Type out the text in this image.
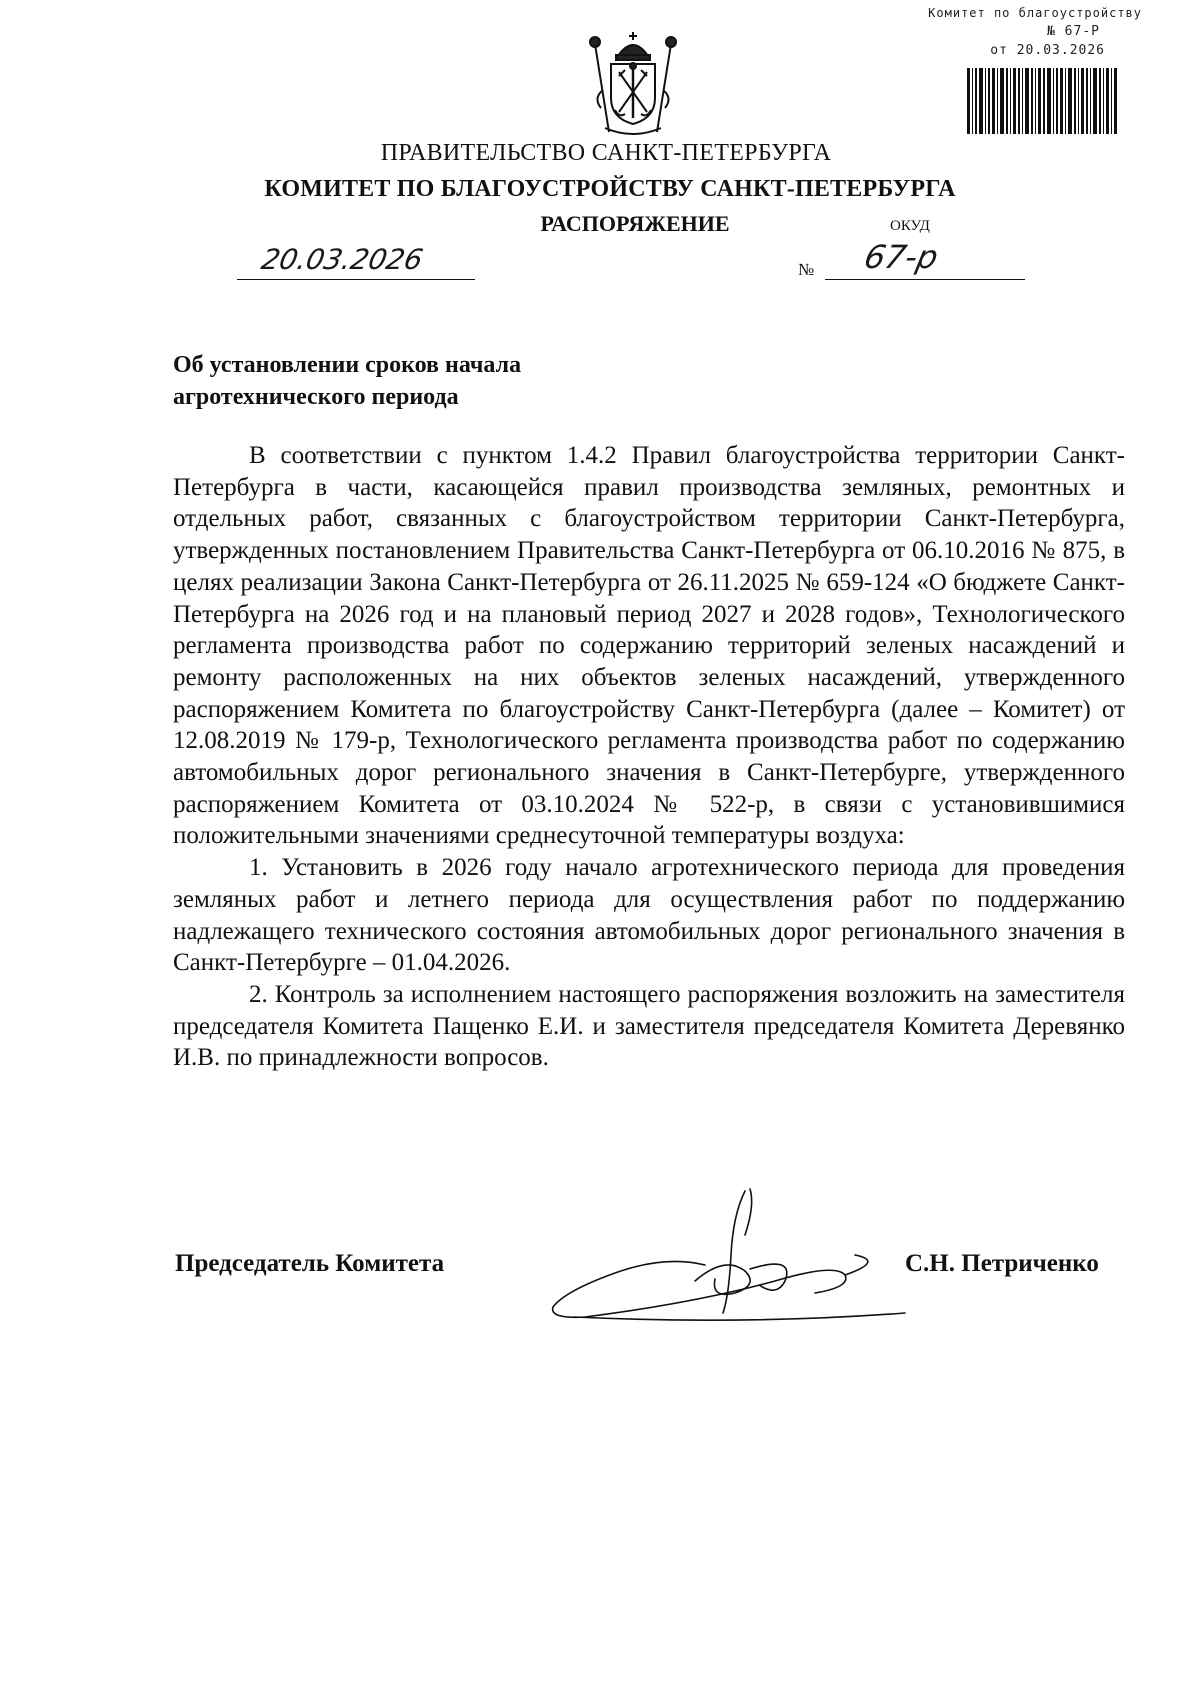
Комитет по благоустройству
№ 67-Р
от 20.03.2026
ПРАВИТЕЛЬСТВО САНКТ-ПЕТЕРБУРГА
КОМИТЕТ ПО БЛАГОУСТРОЙСТВУ САНКТ-ПЕТЕРБУРГА
РАСПОРЯЖЕНИЕ	ОКУД
20.03.2026	№ 67-р
Об установлении сроков начала
агротехнического периода

В соответствии с пунктом 1.4.2 Правил благоустройства территории Санкт-Петербурга в части, касающейся правил производства земляных, ремонтных и отдельных работ, связанных с благоустройством территории Санкт-Петербурга, утвержденных постановлением Правительства Санкт-Петербурга от 06.10.2016 № 875, в целях реализации Закона Санкт-Петербурга от 26.11.2025 № 659-124 «О бюджете Санкт-Петербурга на 2026 год и на плановый период 2027 и 2028 годов», Технологического регламента производства работ по содержанию территорий зеленых насаждений и ремонту расположенных на них объектов зеленых насаждений, утвержденного распоряжением Комитета по благоустройству Санкт-Петербурга (далее – Комитет) от 12.08.2019 № 179-р, Технологического регламента производства работ по содержанию автомобильных дорог регионального значения в Санкт-Петербурге, утвержденного распоряжением Комитета от 03.10.2024 № 522-р, в связи с установившимися положительными значениями среднесуточной температуры воздуха:

1. Установить в 2026 году начало агротехнического периода для проведения земляных работ и летнего периода для осуществления работ по поддержанию надлежащего технического состояния автомобильных дорог регионального значения в Санкт-Петербурге – 01.04.2026.

2. Контроль за исполнением настоящего распоряжения возложить на заместителя председателя Комитета Пащенко Е.И. и заместителя председателя Комитета Деревянко И.В. по принадлежности вопросов.

Председатель Комитета	С.Н. Петриченко
